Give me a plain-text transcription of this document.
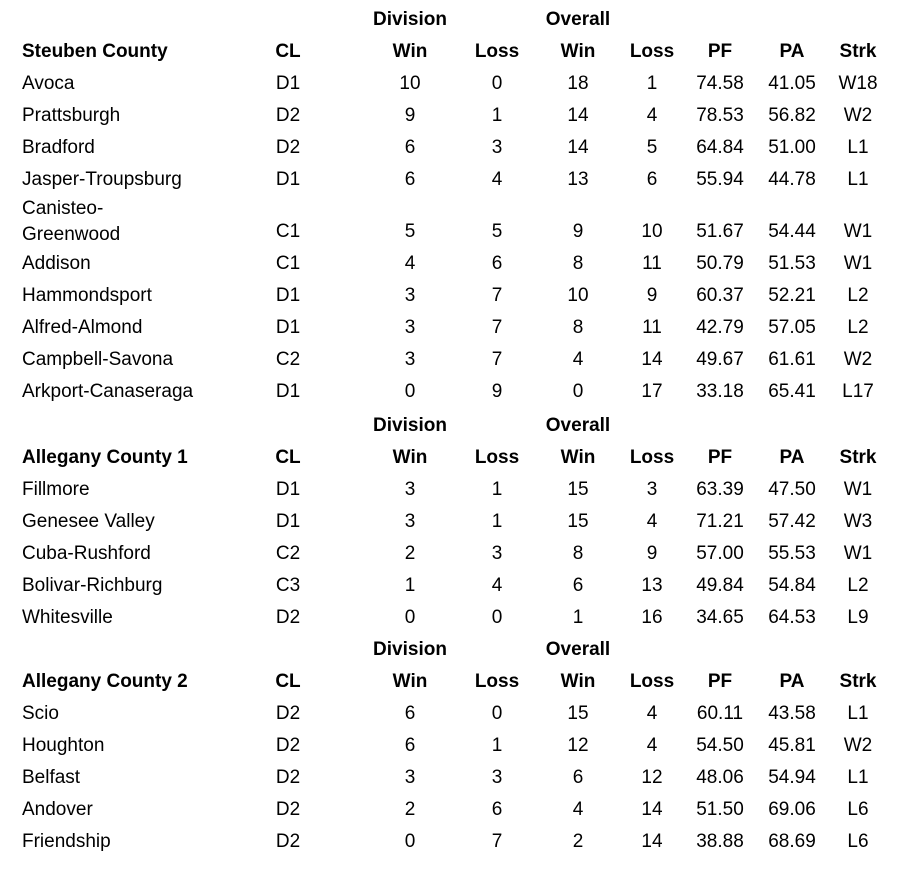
Division	Overall
Steuben County	CL	Win	Loss	Win	Loss	PF	PA	Strk
Avoca	D1	10	0	18	1	74.58	41.05	W18
Prattsburgh	D2	9	1	14	4	78.53	56.82	W2
Bradford	D2	6	3	14	5	64.84	51.00	L1
Jasper-Troupsburg	D1	6	4	13	6	55.94	44.78	L1
Canisteo-
Greenwood	C1	5	5	9	10	51.67	54.44	W1
Addison	C1	4	6	8	11	50.79	51.53	W1
Hammondsport	D1	3	7	10	9	60.37	52.21	L2
Alfred-Almond	D1	3	7	8	11	42.79	57.05	L2
Campbell-Savona	C2	3	7	4	14	49.67	61.61	W2
Arkport-Canaseraga	D1	0	9	0	17	33.18	65.41	L17
Division	Overall
Allegany County 1	CL	Win	Loss	Win	Loss	PF	PA	Strk
Fillmore	D1	3	1	15	3	63.39	47.50	W1
Genesee Valley	D1	3	1	15	4	71.21	57.42	W3
Cuba-Rushford	C2	2	3	8	9	57.00	55.53	W1
Bolivar-Richburg	C3	1	4	6	13	49.84	54.84	L2
Whitesville	D2	0	0	1	16	34.65	64.53	L9
Division	Overall
Allegany County 2	CL	Win	Loss	Win	Loss	PF	PA	Strk
Scio	D2	6	0	15	4	60.11	43.58	L1
Houghton	D2	6	1	12	4	54.50	45.81	W2
Belfast	D2	3	3	6	12	48.06	54.94	L1
Andover	D2	2	6	4	14	51.50	69.06	L6
Friendship	D2	0	7	2	14	38.88	68.69	L6
